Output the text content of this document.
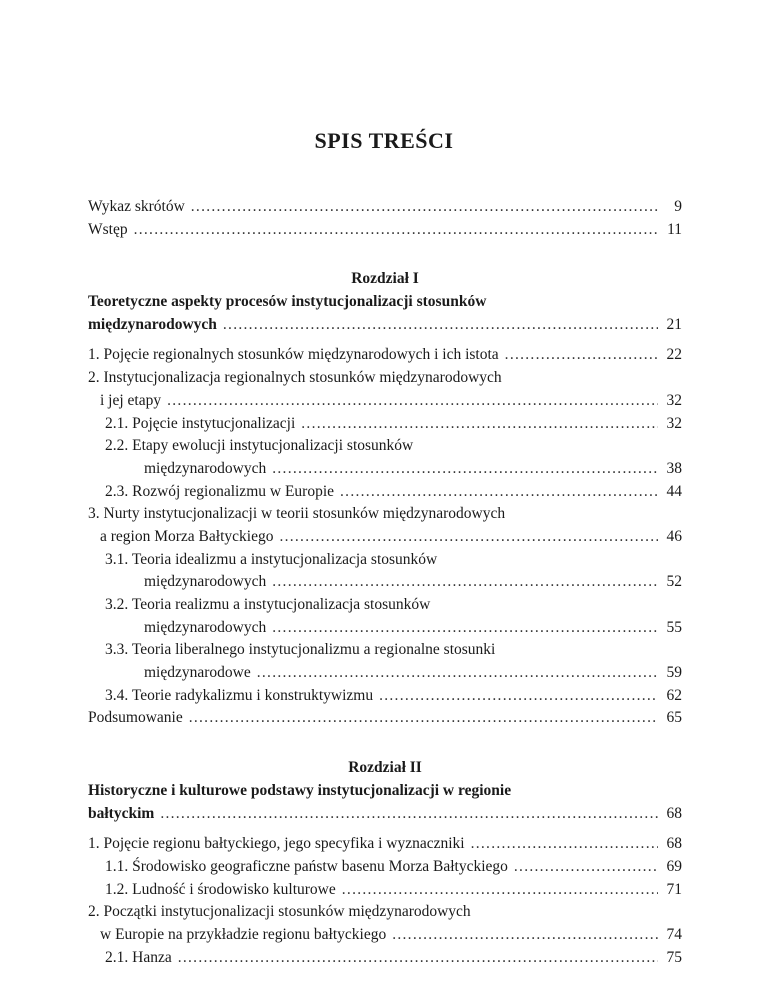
SPIS TREŚCI
Wykaz skrótów . . .	9
Wstęp . . .	11
Rozdział I
Teoretyczne aspekty procesów instytucjonalizacji stosunków
międzynarodowych . . .	21
1. Pojęcie regionalnych stosunków międzynarodowych i ich istota . . .	22
2. Instytucjonalizacja regionalnych stosunków międzynarodowych
i jej etapy . . .	32
2.1. Pojęcie instytucjonalizacji . . .	32
2.2. Etapy ewolucji instytucjonalizacji stosunków
międzynarodowych . . .	38
2.3. Rozwój regionalizmu w Europie . . .	44
3. Nurty instytucjonalizacji w teorii stosunków międzynarodowych
a region Morza Bałtyckiego . . .	46
3.1. Teoria idealizmu a instytucjonalizacja stosunków
międzynarodowych . . .	52
3.2. Teoria realizmu a instytucjonalizacja stosunków
międzynarodowych . . .	55
3.3. Teoria liberalnego instytucjonalizmu a regionalne stosunki
międzynarodowe . . .	59
3.4. Teorie radykalizmu i konstruktywizmu . . .	62
Podsumowanie . . .	65
Rozdział II
Historyczne i kulturowe podstawy instytucjonalizacji w regionie
bałtyckim . . .	68
1. Pojęcie regionu bałtyckiego, jego specyfika i wyznaczniki . . .	68
1.1. Środowisko geograficzne państw basenu Morza Bałtyckiego . . .	69
1.2. Ludność i środowisko kulturowe . . .	71
2. Początki instytucjonalizacji stosunków międzynarodowych
w Europie na przykładzie regionu bałtyckiego . . .	74
2.1. Hanza . . .	75
